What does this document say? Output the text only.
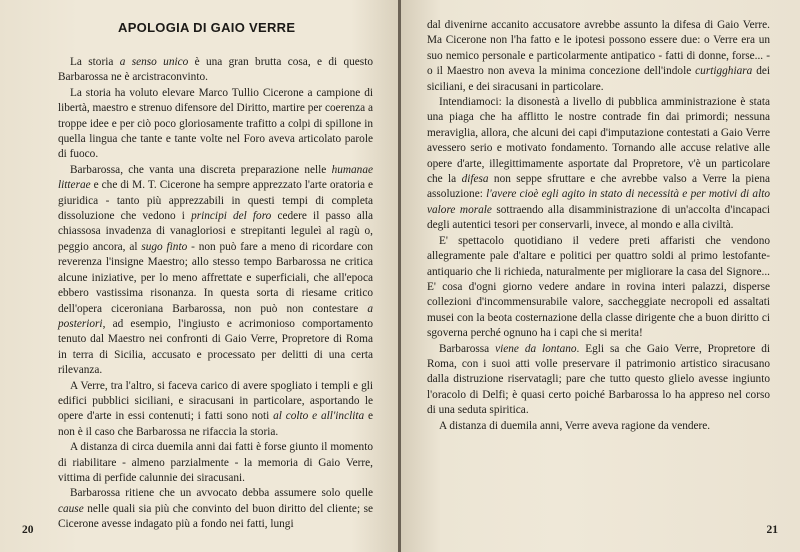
APOLOGIA DI GAIO VERRE

La storia a senso unico è una gran brutta cosa, e di questo Barbarossa ne è arcistraconvinto.

La storia ha voluto elevare Marco Tullio Cicerone a campione di libertà, maestro e strenuo difensore del Diritto, martire per coerenza a troppe idee e per ciò poco gloriosamente trafitto a colpi di spillone in quella lingua che tante e tante volte nel Foro aveva articolato parole di fuoco.

Barbarossa, che vanta una discreta preparazione nelle humanae litterae e che di M. T. Cicerone ha sempre apprezzato l'arte oratoria e giuridica - tanto più apprezzabili in questi tempi di completa dissoluzione che vedono i principi del foro cedere il passo alla chiassosa invadenza di vanagloriosi e strepitanti leguleì al ragù o, peggio ancora, al sugo finto - non può fare a meno di ricordare con reverenza l'insigne Maestro; allo stesso tempo Barbarossa ne critica alcune iniziative, per lo meno affrettate e superficiali, che all'epoca ebbero vastissima risonanza. In questa sorta di riesame critico dell'opera ciceroniana Barbarossa, non può non contestare a posteriori, ad esempio, l'ingiusto e acrimonioso comportamento tenuto dal Maestro nei confronti di Gaio Verre, Propretore di Roma in terra di Sicilia, accusato e processato per delitti di una certa rilevanza.

A Verre, tra l'altro, si faceva carico di avere spogliato i templi e gli edifici pubblici siciliani, e siracusani in particolare, asportando le opere d'arte in essi contenuti; i fatti sono noti al colto e all'inclita e non è il caso che Barbarossa ne rifaccia la storia.

A distanza di circa duemila anni dai fatti è forse giunto il momento di riabilitare - almeno parzialmente - la memoria di Gaio Verre, vittima di perfide calunnie dei siracusani.

Barbarossa ritiene che un avvocato debba assumere solo quelle cause nelle quali sia più che convinto del buon diritto del cliente; se Cicerone avesse indagato più a fondo nei fatti, lungi

20

dal divenirne accanito accusatore avrebbe assunto la difesa di Gaio Verre. Ma Cicerone non l'ha fatto e le ipotesi possono essere due: o Verre era un suo nemico personale e particolarmente antipatico - fatti di donne, forse... - o il Maestro non aveva la minima concezione dell'indole curtigghiara dei siciliani, e dei siracusani in particolare.

Intendiamoci: la disonestà a livello di pubblica amministrazione è stata una piaga che ha afflitto le nostre contrade fin dai primordi; nessuna meraviglia, allora, che alcuni dei capi d'imputazione contestati a Gaio Verre avessero serio e motivato fondamento. Tornando alle accuse relative alle opere d'arte, illegittimamente asportate dal Propretore, v'è un particolare che la difesa non seppe sfruttare e che avrebbe valso a Verre la piena assoluzione: l'avere cioè egli agito in stato di necessità e per motivi di alto valore morale sottraendo alla disamministrazione di un'accolta d'incapaci degli autentici tesori per conservarli, invece, al mondo e alla civiltà.

E' spettacolo quotidiano il vedere preti affaristi che vendono allegramente pale d'altare e politici per quattro soldi al primo lestofante-antiquario che li richieda, naturalmente per migliorare la casa del Signore... E' cosa d'ogni giorno vedere andare in rovina interi palazzi, disperse collezioni d'incommensurabile valore, saccheggiate necropoli ed assaltati musei con la beota costernazione della classe dirigente che a buon diritto ci sgoverna perché ognuno ha i capi che si merita!

Barbarossa viene da lontano. Egli sa che Gaio Verre, Propretore di Roma, con i suoi atti volle preservare il patrimonio artistico siracusano dalla distruzione riservatagli; pare che tutto questo glielo avesse ingiunto l'oracolo di Delfi; è quasi certo poiché Barbarossa lo ha appreso nel corso di una seduta spiritica.

A distanza di duemila anni, Verre aveva ragione da vendere.

21
